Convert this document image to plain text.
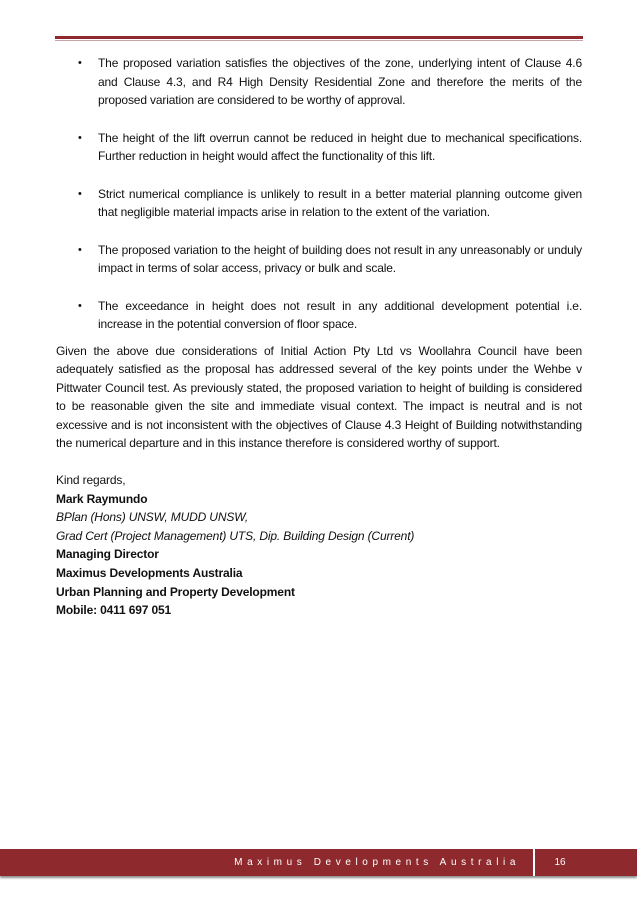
• The proposed variation satisfies the objectives of the zone, underlying intent of Clause 4.6 and Clause 4.3, and R4 High Density Residential Zone and therefore the merits of the proposed variation are considered to be worthy of approval.
• The height of the lift overrun cannot be reduced in height due to mechanical specifications. Further reduction in height would affect the functionality of this lift.
• Strict numerical compliance is unlikely to result in a better material planning outcome given that negligible material impacts arise in relation to the extent of the variation.
• The proposed variation to the height of building does not result in any unreasonably or unduly impact in terms of solar access, privacy or bulk and scale.
• The exceedance in height does not result in any additional development potential i.e. increase in the potential conversion of floor space.

Given the above due considerations of Initial Action Pty Ltd vs Woollahra Council have been adequately satisfied as the proposal has addressed several of the key points under the Wehbe v Pittwater Council test. As previously stated, the proposed variation to height of building is considered to be reasonable given the site and immediate visual context. The impact is neutral and is not excessive and is not inconsistent with the objectives of Clause 4.3 Height of Building notwithstanding the numerical departure and in this instance therefore is considered worthy of support.

Kind regards,
Mark Raymundo
BPlan (Hons) UNSW, MUDD UNSW,
Grad Cert (Project Management) UTS, Dip. Building Design (Current)
Managing Director
Maximus Developments Australia
Urban Planning and Property Development
Mobile: 0411 697 051
Maximus Developments Australia	16
